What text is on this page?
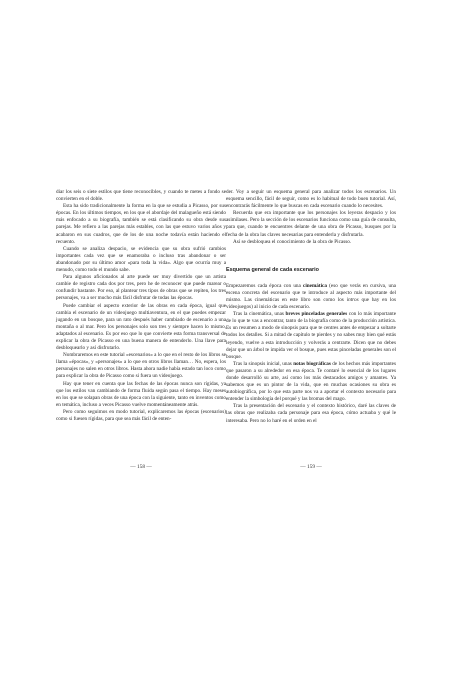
diar los seis o siete estilos que tiene reconocibles, y cuando te metes a fondo se convierten en el doble.

Esta ha sido tradicionalmente la forma en la que se estudia a Picasso, por sus épocas. En los últimos tiempos, en los que el abordaje del malagueño está siendo más enfocado a su biografía, también se está clasificando su obra desde sus parejas. Me refiero a las parejas más estables, con las que estuvo varios años y acabaron en sus cuadros, que de los de una noche todavía están haciendo el recuento.

Cuando se analiza despacio, se evidencia que su obra sufrió cambios importantes cada vez que se enamoraba o incluso tras abandonar o ser abandonado por su último amor «para toda la vida». Algo que ocurría muy a menudo, como todo el mundo sabe.

Para algunos aficionados al arte puede ser muy divertido que un artista cambie de registro cada dos por tres, pero he de reconocer que puede marear o confundir bastante. Por eso, al plantear tres tipos de obras que se repiten, los tres personajes, va a ser mucho más fácil disfrutar de todas las épocas.

Puede cambiar el aspecto exterior de las obras en cada época, igual que cambia el escenario de un videojuego multiaventura, en el que puedes empezar jugando en un bosque, para un rato después haber cambiado de escenario a una montaña o al mar. Pero los personajes solo son tres y siempre hacen lo mismo, adaptados al escenario. Es por eso que lo que convierte esta forma transversal de explicar la obra de Picasso en una buena manera de entenderlo. Una llave para desbloquearlo y así disfrutarlo.

Nombraremos en este tutorial «escenarios» a lo que en el resto de los libros se llama «épocas», y «personajes» a lo que en otros libros llaman… No, espera, los personajes no salen en otros libros. Hasta ahora nadie había estado tan loco como para explicar la obra de Picasso como si fuera un videojuego.

Hay que tener en cuenta que las fechas de las épocas nunca son rígidas, ya que los estilos van cambiando de forma fluida según pasa el tiempo. Hay meses en los que se solapan obras de una época con la siguiente, tanto en inventos como en temática, incluso a veces Picasso vuelve momentáneamente atrás.

Pero como seguimos en modo tutorial, explicaremos las épocas (escenarios) como si fuesen rígidas, para que sea más fácil de enten-

— 158 —

der. Voy a seguir un esquema general para analizar todos los escenarios. Un esquema sencillo, fácil de seguir, como es lo habitual de todo buen tutorial. Así, encontrarás fácilmente lo que buscas en cada escenario cuando lo necesites.

Recuerda que era importante que los personajes los leyeras despacio y los asimilases. Pero la sección de los escenarios funciona como una guía de consulta, para que, cuando te encuentres delante de una obra de Picasso, busques por la fecha de la obra las claves necesarias para entenderla y disfrutarla.

Así se desbloquea el conocimiento de la obra de Picasso.

Esquema general de cada escenario

Empezaremos cada época con una cinemática (eso que verás en cursiva, una escena concreta del escenario que te introduce al aspecto más importante del mismo. Las cinemáticas en este libro son como los intros que hay en los videojuegos) al inicio de cada escenario.

Tras la cinemática, unas breves pinceladas generales con lo más importante de lo que te vas a encontrar, tanto de la biografía como de la producción artística. Es un resumen a modo de sinopsis para que te centres antes de empezar a soltarte todos los detalles. Si a mitad de capítulo te pierdes y no sabes muy bien qué estás leyendo, vuelve a esta introducción y volverás a centrarte. Dicen que no debes dejar que un árbol te impida ver el bosque, pues estas pinceladas generales son el bosque.

Tras la sinopsis inicial, unas notas biográficas de los hechos más importantes que pasaron a su alrededor en esa época. Te contaré lo esencial de los lugares donde desarrolló su arte, así como los más destacados amigos y amantes. Ya sabemos que es un pintor de la vida, que en muchas ocasiones su obra es autobiográfica, por lo que esta parte nos va a aportar el contexto necesario para entender la simbología del porqué y las bromas del mago.

Tras la presentación del escenario y el contexto histórico, daré las claves de las obras que realizaba cada personaje para esa época, cómo actuaba y qué le interesaba. Pero no lo haré en el orden en el

— 159 —
